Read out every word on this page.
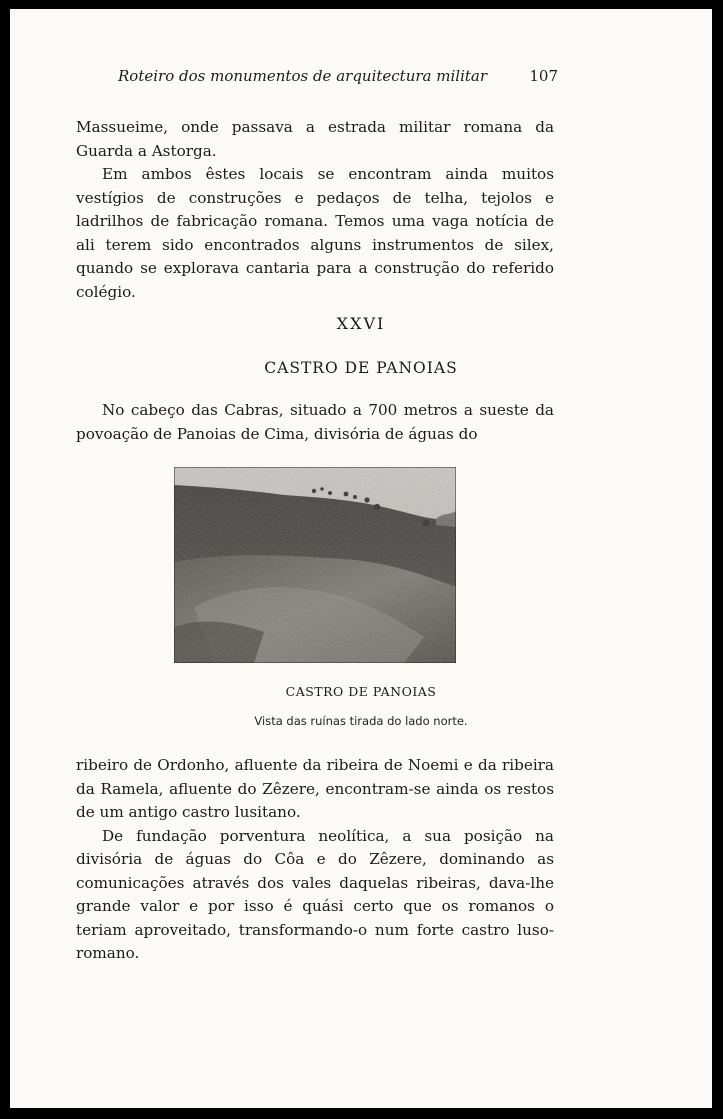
Roteiro dos monumentos de arquitectura militar	107

Massueime, onde passava a estrada militar romana da Guarda a Astorga.

Em ambos êstes locais se encontram ainda muitos vestígios de construções e pedaços de telha, tejolos e ladrilhos de fabricação romana. Temos uma vaga notícia de ali terem sido encontrados alguns instrumentos de silex, quando se explorava cantaria para a construção do referido colégio.

XXVI
CASTRO DE PANOIAS

No cabeço das Cabras, situado a 700 metros a sueste da povoação de Panoias de Cima, divisória de águas do

CASTRO DE PANOIAS
Vista das ruínas tirada do lado norte.

ribeiro de Ordonho, afluente da ribeira de Noemi e da ribeira da Ramela, afluente do Zêzere, encontram-se ainda os restos de um antigo castro lusitano.

De fundação porventura neolítica, a sua posição na divisória de águas do Côa e do Zêzere, dominando as comunicações através dos vales daquelas ribeiras, dava-lhe grande valor e por isso é quási certo que os romanos o teriam aproveitado, transformando-o num forte castro luso-romano.
